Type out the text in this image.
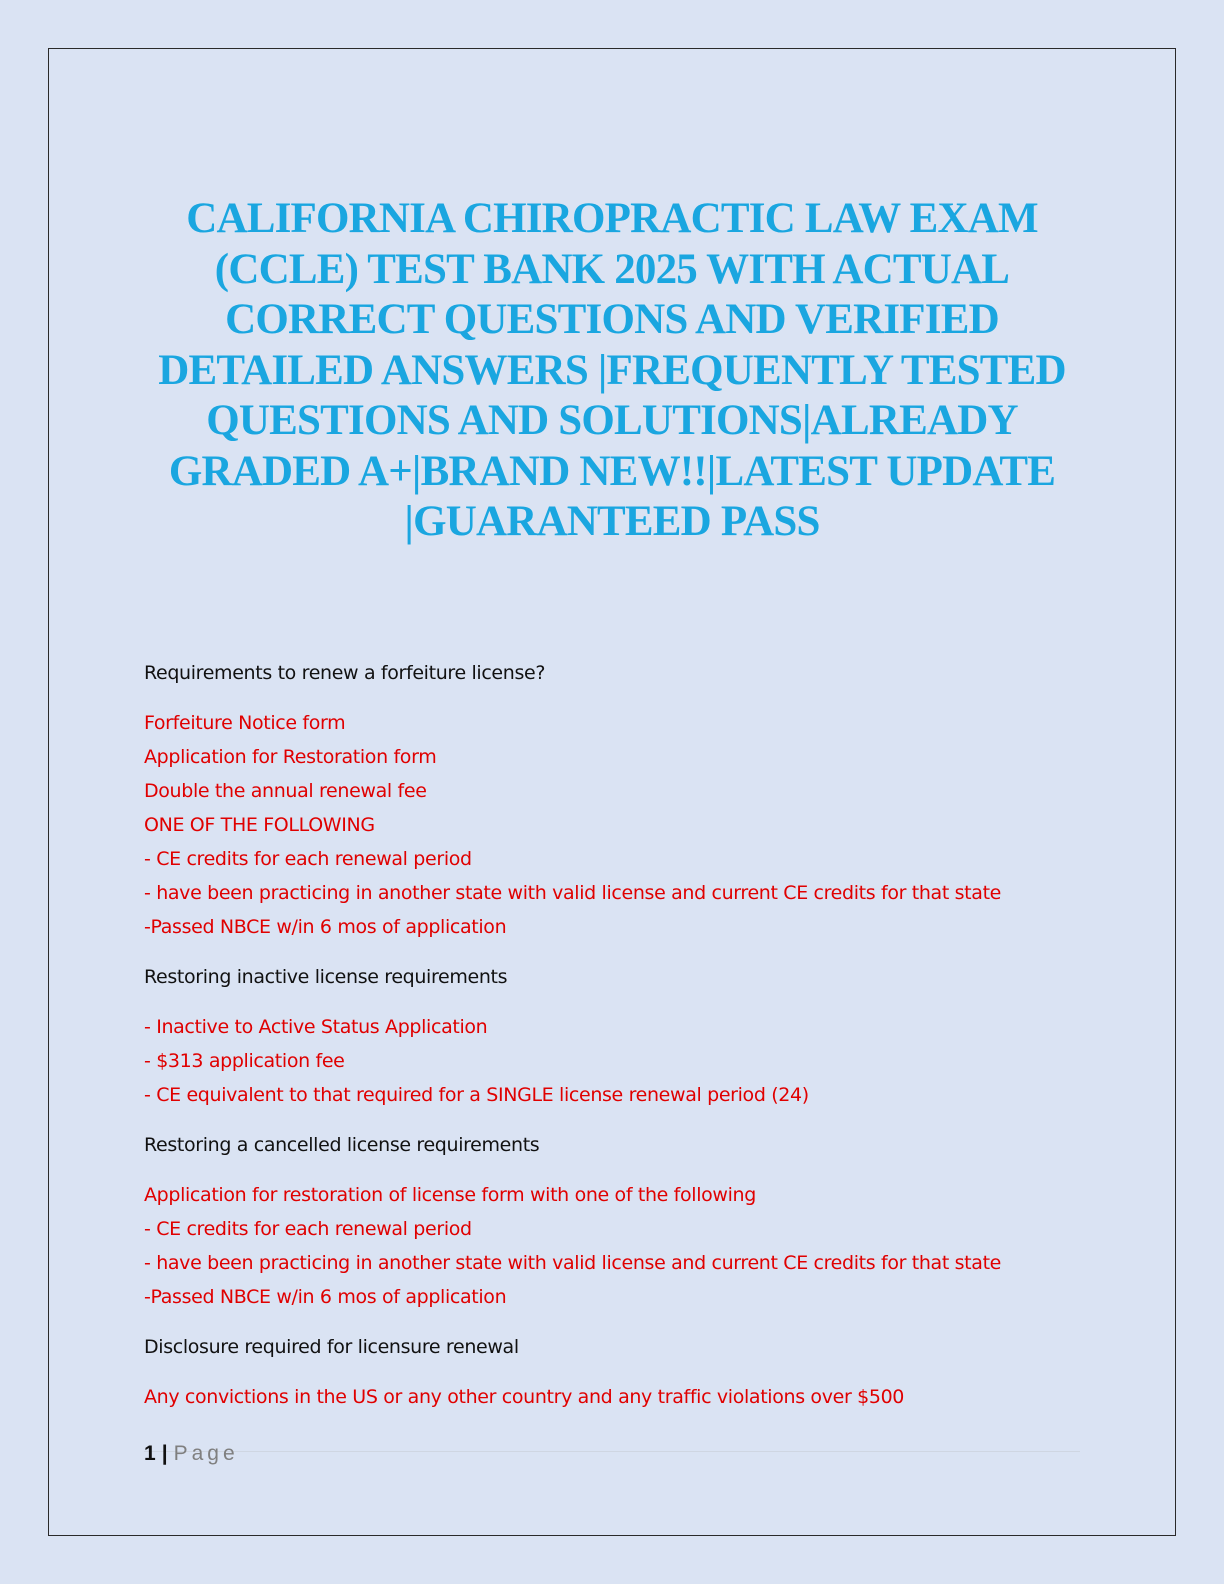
CALIFORNIA CHIROPRACTIC LAW EXAM (CCLE) TEST BANK 2025 WITH ACTUAL CORRECT QUESTIONS AND VERIFIED DETAILED ANSWERS |FREQUENTLY TESTED QUESTIONS AND SOLUTIONS|ALREADY GRADED A+|BRAND NEW!!|LATEST UPDATE |GUARANTEED PASS

Requirements to renew a forfeiture license?

Forfeiture Notice form
Application for Restoration form
Double the annual renewal fee
ONE OF THE FOLLOWING
- CE credits for each renewal period
- have been practicing in another state with valid license and current CE credits for that state
-Passed NBCE w/in 6 mos of application

Restoring inactive license requirements

- Inactive to Active Status Application
- $313 application fee
- CE equivalent to that required for a SINGLE license renewal period (24)

Restoring a cancelled license requirements

Application for restoration of license form with one of the following
- CE credits for each renewal period
- have been practicing in another state with valid license and current CE credits for that state
-Passed NBCE w/in 6 mos of application

Disclosure required for licensure renewal

Any convictions in the US or any other country and any traffic violations over $500
1 | Page
